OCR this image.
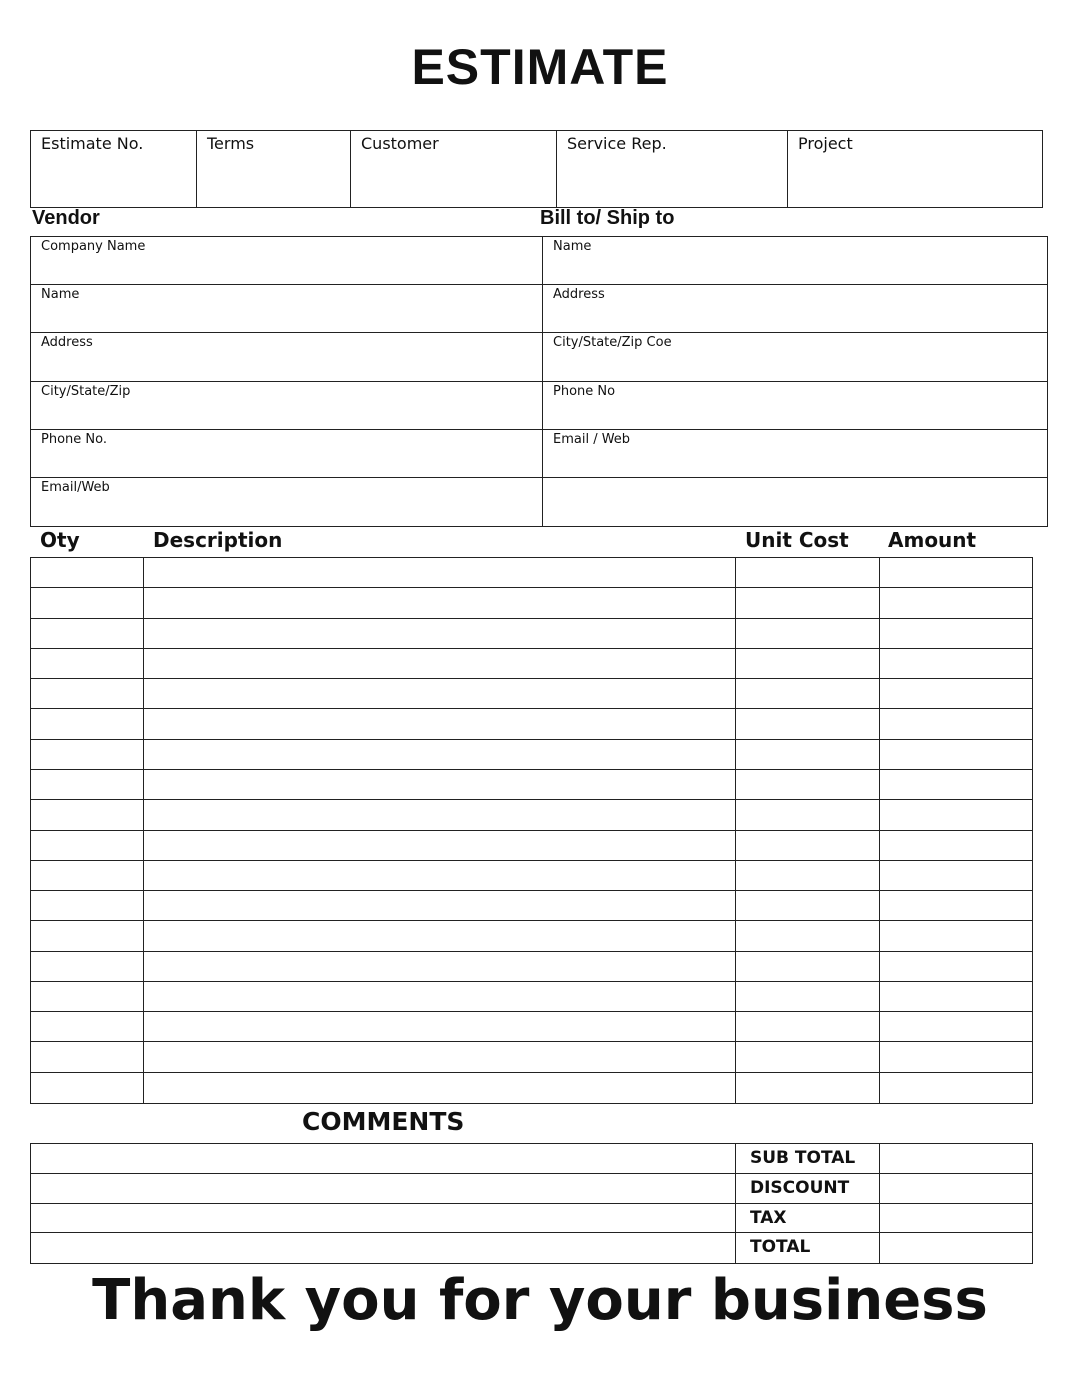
ESTIMATE
Estimate No.	Terms	Customer	Service Rep.	Project
Vendor	Bill to/ Ship to
Company Name	Name
Name	Address
Address	City/State/Zip Coe
City/State/Zip	Phone No
Phone No.	Email / Web
Email/Web
Oty	Description	Unit Cost Amount
COMMENTS
SUB TOTAL
DISCOUNT
TAX
TOTAL
Thank you for your business
